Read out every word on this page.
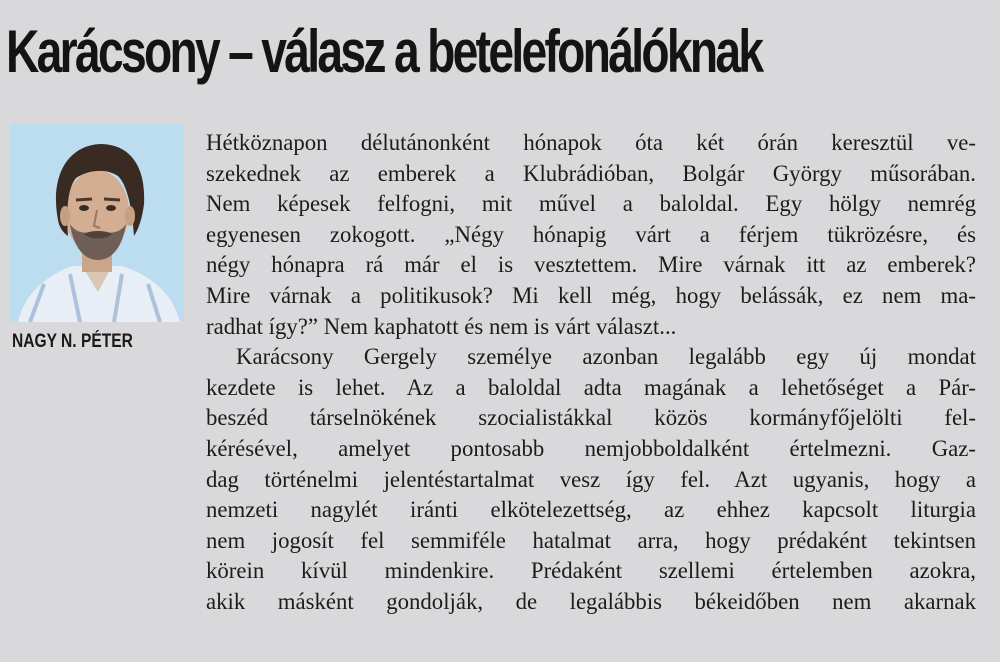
Karácsony – válasz a betelefonálóknak
NAGY N. PÉTER
Hétköznapon délutánonként hónapok óta két órán keresztül ve-
szekednek az emberek a Klubrádióban, Bolgár György műsorában.
Nem képesek felfogni, mit művel a baloldal. Egy hölgy nemrég
egyenesen zokogott. „Négy hónapig várt a férjem tükrözésre, és
négy hónapra rá már el is vesztettem. Mire várnak itt az emberek?
Mire várnak a politikusok? Mi kell még, hogy belássák, ez nem ma-
radhat így?” Nem kaphatott és nem is várt választ...
Karácsony Gergely személye azonban legalább egy új mondat
kezdete is lehet. Az a baloldal adta magának a lehetőséget a Pár-
beszéd társelnökének szocialistákkal közös kormányfőjelölti fel-
kérésével, amelyet pontosabb nemjobboldalként értelmezni. Gaz-
dag történelmi jelentéstartalmat vesz így fel. Azt ugyanis, hogy a
nemzeti nagylét iránti elkötelezettség, az ehhez kapcsolt liturgia
nem jogosít fel semmiféle hatalmat arra, hogy prédaként tekintsen
körein kívül mindenkire. Prédaként szellemi értelemben azokra,
akik másként gondolják, de legalábbis békeidőben nem akarnak
